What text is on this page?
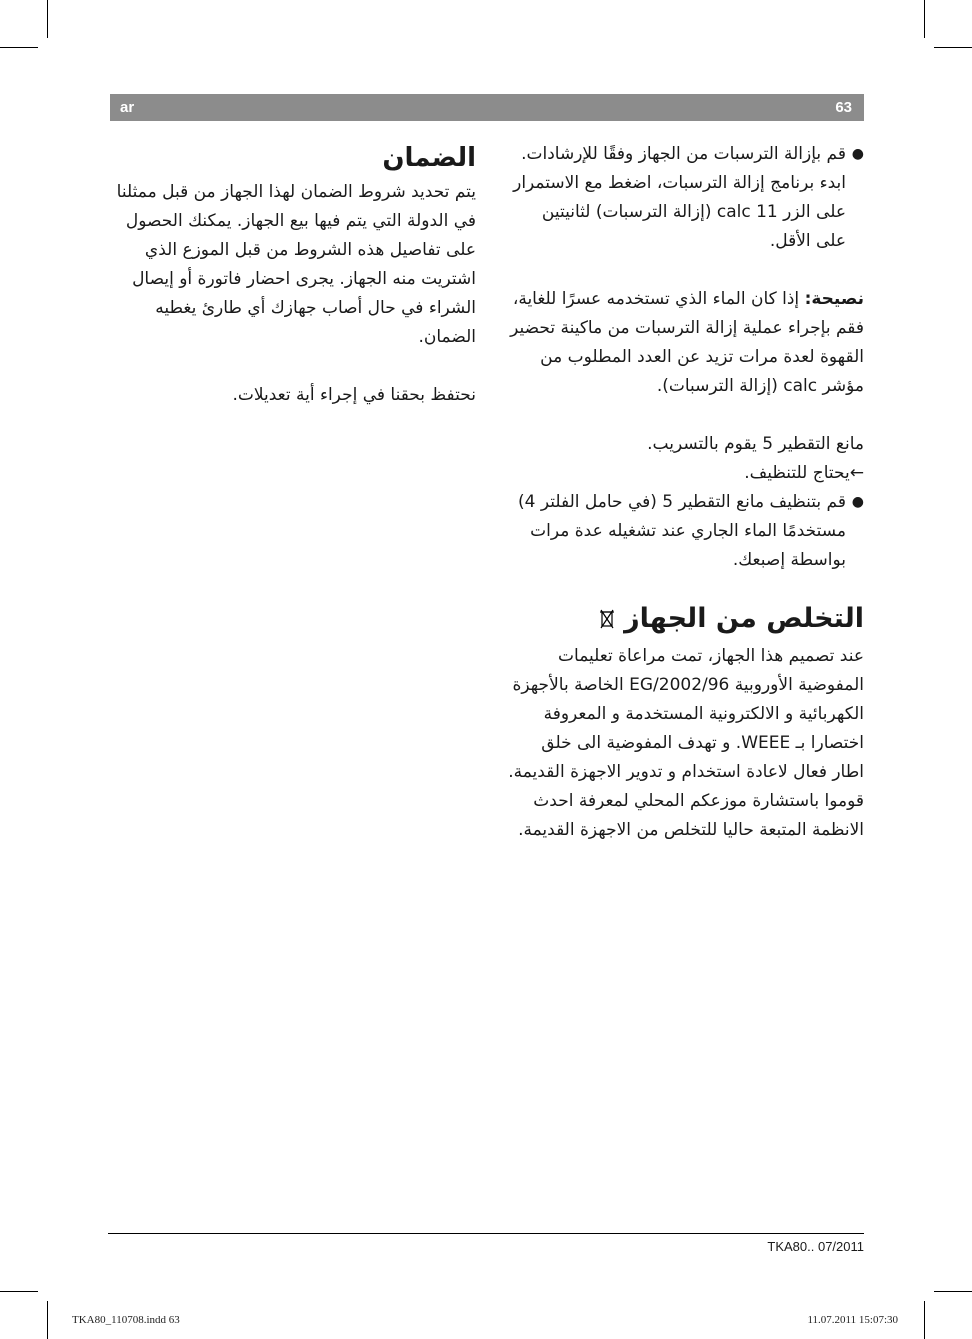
ar	63
●

قم بإزالة الترسبات من الجهاز وفقًا للإرشادات. ابدء برنامج إزالة الترسبات، اضغط مع الاستمرار على الزر 11 calc (إزالة الترسبات) لثانيتين على الأقل.

نصيحة: إذا كان الماء الذي تستخدمه عسرًا للغاية، فقم بإجراء عملية إزالة الترسبات من ماكينة تحضير القهوة لعدة مرات تزيد عن العدد المطلوب من مؤشر calc (إزالة الترسبات).

مانع التقطير 5 يقوم بالتسريب.

←يحتاج للتنظيف.

●

قم بتنظيف مانع التقطير 5 (في حامل الفلتر 4) مستخدمًا الماء الجاري عند تشغيله عدة مرات بواسطة إصبعك.

التخلص من الجهاز

عند تصميم هذا الجهاز، تمت مراعاة تعليمات المفوضية الأوروبية 2002/96/EG الخاصة بالأجهزة الكهربائية و الالكترونية المستخدمة و المعروفة اختصارا بـ WEEE. و تهدف المفوضية الى خلق اطار فعال لاعادة استخدام و تدوير الاجهزة القديمة. قوموا باستشارة موزعكم المحلي لمعرفة احدث الانظمة المتبعة حاليا للتخلص من الاجهزة القديمة.

الضمان

يتم تحديد شروط الضمان لهذا الجهاز من قبل ممثلنا في الدولة التي يتم فيها بيع الجهاز. يمكنك الحصول على تفاصيل هذه الشروط من قبل الموزع الذي اشتريت منه الجهاز. يجرى احضار فاتورة أو إيصال الشراء في حال أصاب جهازك أي طارئ يغطيه الضمان.

نحتفظ بحقنا في إجراء أية تعديلات.

TKA80.. 07/2011
TKA80_110708.indd 63	11.07.2011 15:07:30
